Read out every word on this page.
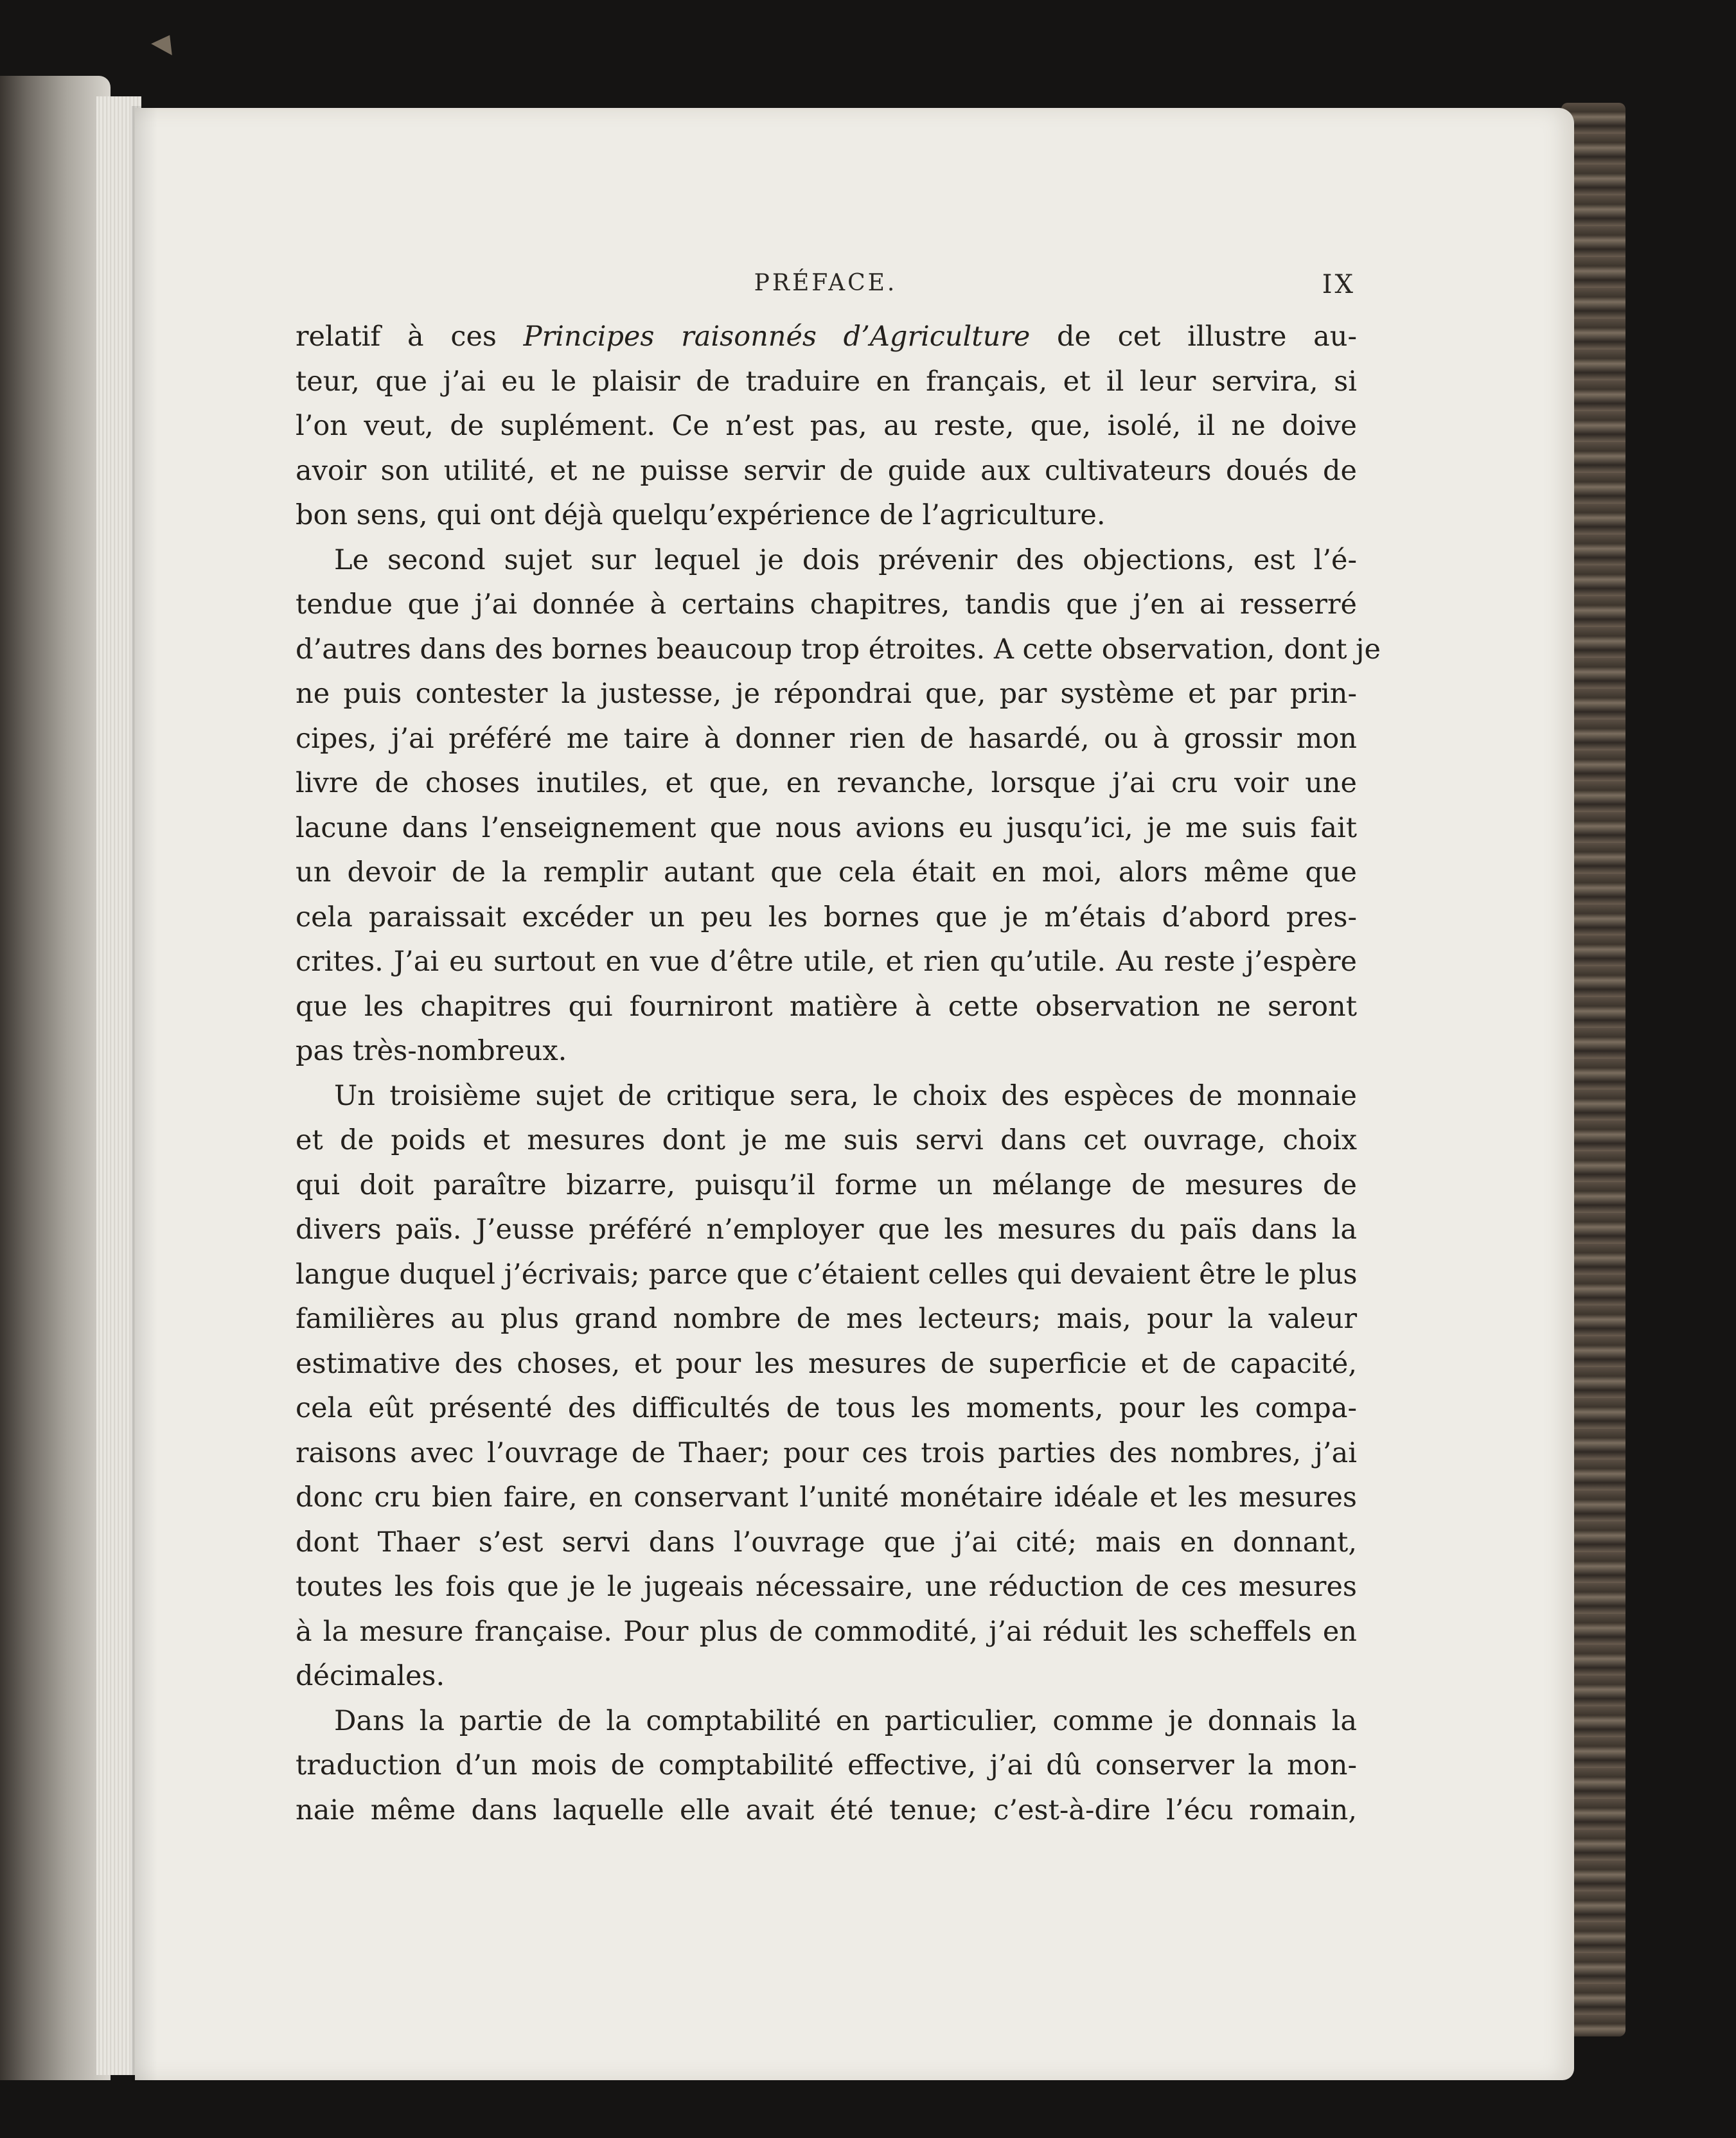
PRÉFACE.	IX
relatif à ces Principes raisonnés d’Agriculture de cet illustre au-
teur, que j’ai eu le plaisir de traduire en français, et il leur servira, si
l’on veut, de suplément. Ce n’est pas, au reste, que, isolé, il ne doive
avoir son utilité, et ne puisse servir de guide aux cultivateurs doués de
bon sens, qui ont déjà quelqu’expérience de l’agriculture.
Le second sujet sur lequel je dois prévenir des objections, est l’é-
tendue que j’ai donnée à certains chapitres, tandis que j’en ai resserré
d’autres dans des bornes beaucoup trop étroites. A cette observation, dont je
ne puis contester la justesse, je répondrai que, par système et par prin-
cipes, j’ai préféré me taire à donner rien de hasardé, ou à grossir mon
livre de choses inutiles, et que, en revanche, lorsque j’ai cru voir une
lacune dans l’enseignement que nous avions eu jusqu’ici, je me suis fait
un devoir de la remplir autant que cela était en moi, alors même que
cela paraissait excéder un peu les bornes que je m’étais d’abord pres-
crites. J’ai eu surtout en vue d’être utile, et rien qu’utile. Au reste j’espère
que les chapitres qui fourniront matière à cette observation ne seront
pas très-nombreux.
Un troisième sujet de critique sera, le choix des espèces de monnaie
et de poids et mesures dont je me suis servi dans cet ouvrage, choix
qui doit paraître bizarre, puisqu’il forme un mélange de mesures de
divers païs. J’eusse préféré n’employer que les mesures du païs dans la
langue duquel j’écrivais; parce que c’étaient celles qui devaient être le plus
familières au plus grand nombre de mes lecteurs; mais, pour la valeur
estimative des choses, et pour les mesures de superficie et de capacité,
cela eût présenté des difficultés de tous les moments, pour les compa-
raisons avec l’ouvrage de Thaer; pour ces trois parties des nombres, j’ai
donc cru bien faire, en conservant l’unité monétaire idéale et les mesures
dont Thaer s’est servi dans l’ouvrage que j’ai cité; mais en donnant,
toutes les fois que je le jugeais nécessaire, une réduction de ces mesures
à la mesure française. Pour plus de commodité, j’ai réduit les scheffels en
décimales.
Dans la partie de la comptabilité en particulier, comme je donnais la
traduction d’un mois de comptabilité effective, j’ai dû conserver la mon-
naie même dans laquelle elle avait été tenue; c’est-à-dire l’écu romain,
